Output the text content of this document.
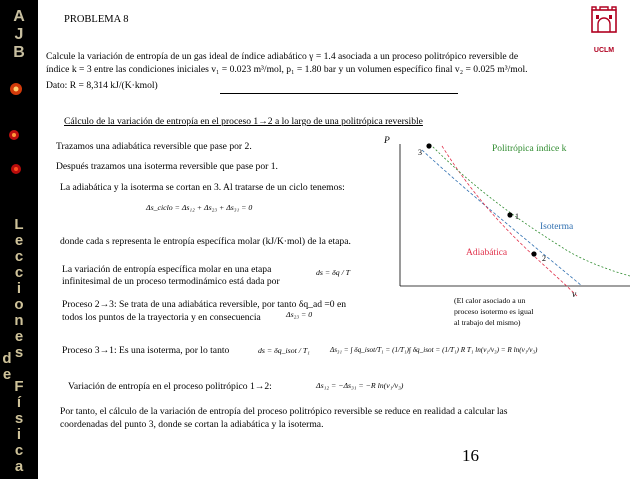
A
J
B
L
e
c
c
i
o
n
e
s
d
e
F
í
s
i
c
a
PROBLEMA 8
UCLM
Calcule la variación de entropía de un gas ideal de índice adiabático γ = 1.4 asociada a un proceso politrópico reversible de
índice k = 3 entre las condiciones iniciales v₁ = 0.023 m³/mol, p₁ = 1.80 bar y un volumen específico final v₂ = 0.025 m³/mol.
Dato: R = 8,314 kJ/(K·kmol)
Cálculo de la variación de entropía en el proceso 1→2 a lo largo de una politrópica reversible
Trazamos una adiabática reversible que pase por 2.
Después trazamos una isoterma reversible que pase por 1.
La adiabática y la isoterma se cortan en 3. Al tratarse de un ciclo tenemos:
Δs_ciclo = Δs₁₂ + Δs₂₃ + Δs₃₁ = 0
donde cada s representa le entropía específica molar (kJ/K·mol) de la etapa.
La variación de entropía específica molar en una etapa
infinitesimal de un proceso termodinámico está dada por
ds = δq / T
Proceso 2→3: Se trata de una adiabática reversible, por tanto δq_ad =0 en
todos los puntos de la trayectoria y en consecuencia	Δs₂₃ = 0
(El calor asociado a un
proceso isotermo es igual
al trabajo del mismo)
Proceso 3→1: Es una isoterma, por lo tanto	ds = δq_isot / T₁	Δs₃₁ = ∫ δq_isot/T₁ = (1/T₁)∫ δq_isot = (1/T₁) R T₁ ln(v₁/v₃) = R ln(v₁/v₃)
Variación de entropía en el proceso politrópico 1→2:	Δs₁₂ = −Δs₃₁ = −R ln(v₁/v₃)
Por tanto, el cálculo de la variación de entropía del proceso politrópico reversible se reduce en realidad a calcular las
coordenadas del punto 3, donde se cortan la adiabática y la isoterma.
16
P
v
3
1
2
Politrópica índice k
Isoterma
Adiabática
